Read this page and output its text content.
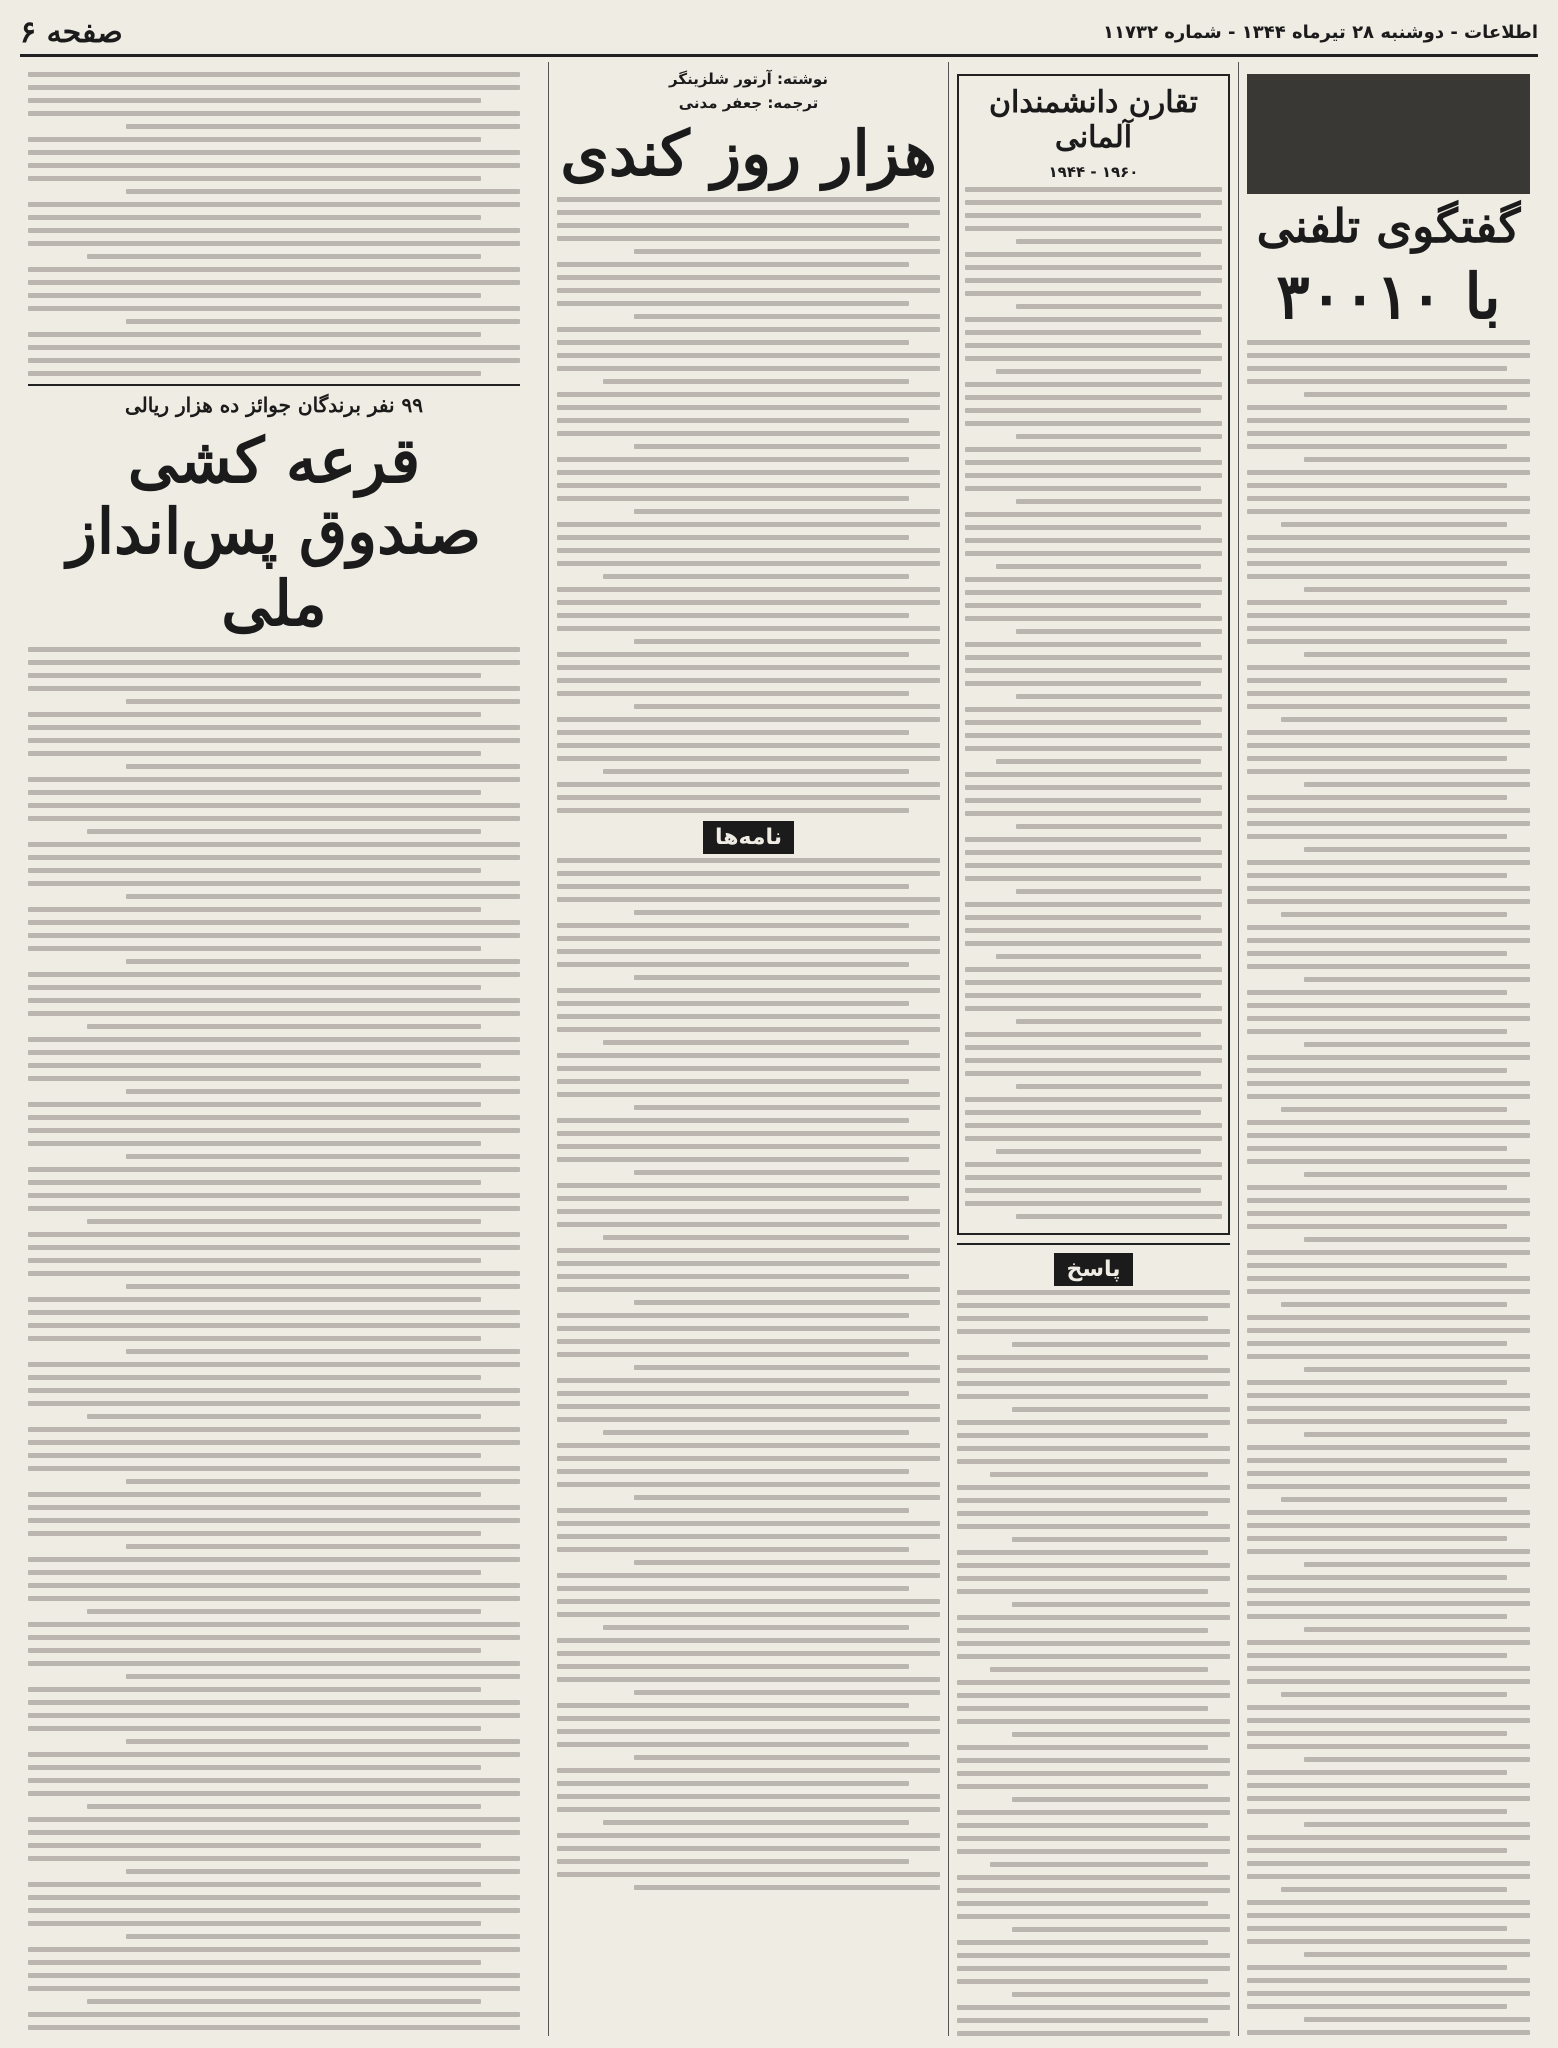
اطلاعات - دوشنبه ۲۸ تیرماه ۱۳۴۴ - شماره ۱۱۷۳۲
صفحه ۶
گفتگوی تلفنی
با ۳۰۰۱۰
تقارن دانشمندان آلمانی
۱۹۶۰ - ۱۹۴۴
پاسخ
نوشته: آرتور شلزینگر
ترجمه: جعفر مدنی
هزار روز کندی
نامه‌ها
۹۹ نفر برندگان جوائز ده هزار ریالی
قرعه کشی صندوق پس‌انداز ملی
